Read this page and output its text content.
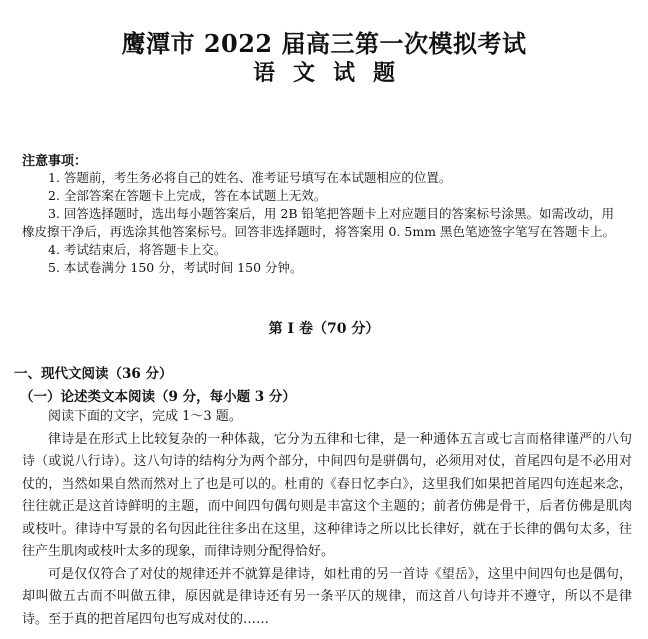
鹰潭市 2022 届高三第一次模拟考试
语文试题
注意事项：

1. 答题前，考生务必将自己的姓名、准考证号填写在本试题相应的位置。

2. 全部答案在答题卡上完成，答在本试题上无效。

3. 回答选择题时，选出每小题答案后，用 2B 铅笔把答题卡上对应题目的答案标号涂黑。如需改动，用橡皮擦干净后，再选涂其他答案标号。回答非选择题时，将答案用 0. 5mm 黑色笔迹签字笔写在答题卡上。

4. 考试结束后，将答题卡上交。

5. 本试卷满分 150 分，考试时间 150 分钟。

第 I 卷（70 分）
一、现代文阅读（36 分）
（一）论述类文本阅读（9 分，每小题 3 分）

阅读下面的文字，完成 1～3 题。

律诗是在形式上比较复杂的一种体裁，它分为五律和七律，是一种通体五言或七言而格律谨严的八句诗（或说八行诗）。这八句诗的结构分为两个部分，中间四句是骈偶句，必须用对仗，首尾四句是不必用对仗的，当然如果自然而然对上了也是可以的。杜甫的《春日忆李白》，这里我们如果把首尾四句连起来念，往往就正是这首诗鲜明的主题，而中间四句偶句则是丰富这个主题的；前者仿佛是骨干，后者仿佛是肌肉或枝叶。律诗中写景的名句因此往往多出在这里，这种律诗之所以比长律好，就在于长律的偶句太多，往往产生肌肉或枝叶太多的现象，而律诗则分配得恰好。

可是仅仅符合了对仗的规律还并不就算是律诗，如杜甫的另一首诗《望岳》，这里中间四句也是偶句，却叫做五古而不叫做五律，原因就是律诗还有另一条平仄的规律，而这首八句诗并不遵守，所以不是律诗。至于真的把首尾四句也写成对仗的……
